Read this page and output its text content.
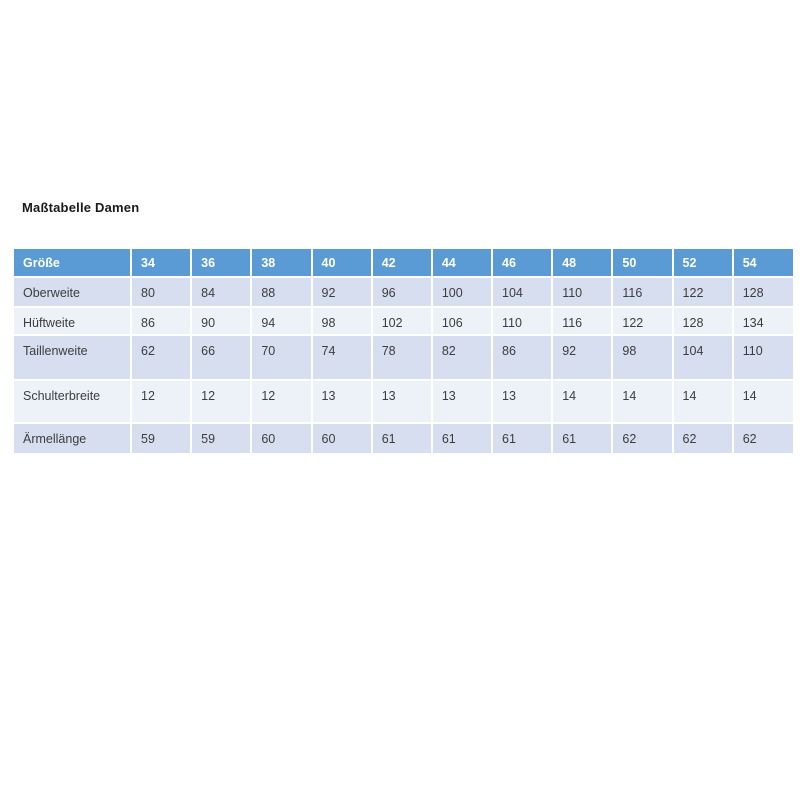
Maßtabelle Damen
Größe	34	36	38	40	42	44	46	48	50	52	54
Oberweite	80	84	88	92	96	100	104	110	116	122	128
Hüftweite	86	90	94	98	102	106	110	116	122	128	134
Taillenweite	62	66	70	74	78	82	86	92	98	104	110
Schulterbreite	12	12	12	13	13	13	13	14	14	14	14
Ärmellänge	59	59	60	60	61	61	61	61	62	62	62
